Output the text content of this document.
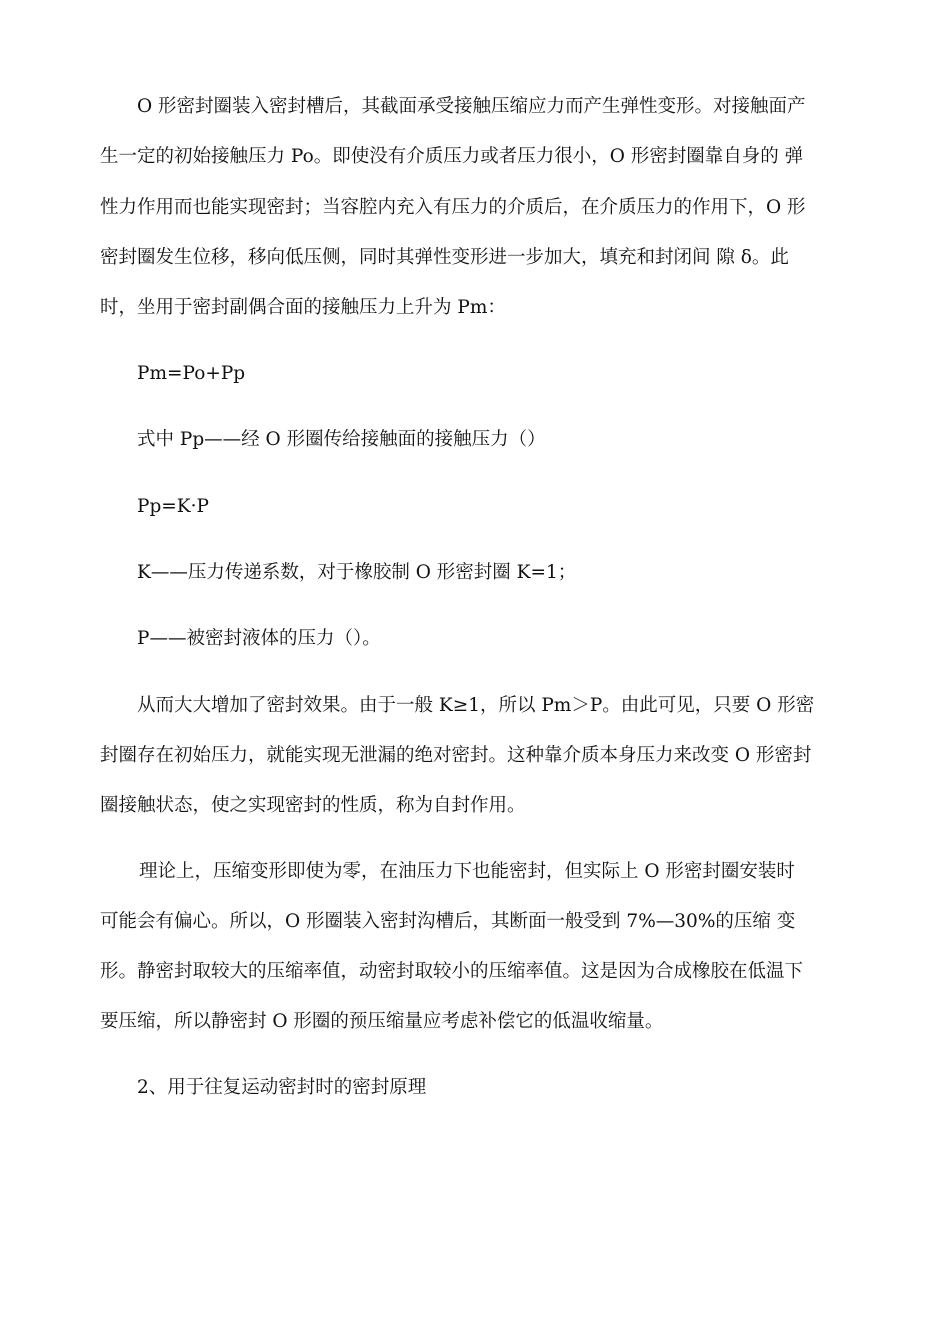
O 形密封圈装入密封槽后，其截面承受接触压缩应力而产生弹性变形。对接触面产
生一定的初始接触压力 Po。即使没有介质压力或者压力很小，O 形密封圈靠自身的 弹
性力作用而也能实现密封；当容腔内充入有压力的介质后，在介质压力的作用下，O 形
密封圈发生位移，移向低压侧，同时其弹性变形进一步加大，填充和封闭间 隙 δ。此
时，坐用于密封副偶合面的接触压力上升为 Pm：
Pm=Po+Pp
式中 Pp——经 O 形圈传给接触面的接触压力（）
Pp=K·P
K——压力传递系数，对于橡胶制 O 形密封圈 K=1；
P——被密封液体的压力（）。
从而大大增加了密封效果。由于一般 K≥1，所以 Pm＞P。由此可见，只要 O 形密
封圈存在初始压力，就能实现无泄漏的绝对密封。这种靠介质本身压力来改变 O 形密封
圈接触状态，使之实现密封的性质，称为自封作用。
理论上，压缩变形即使为零，在油压力下也能密封，但实际上 O 形密封圈安装时
可能会有偏心。所以，O 形圈装入密封沟槽后，其断面一般受到 7%—30%的压缩 变
形。静密封取较大的压缩率值，动密封取较小的压缩率值。这是因为合成橡胶在低温下
要压缩，所以静密封 O 形圈的预压缩量应考虑补偿它的低温收缩量。
2、用于往复运动密封时的密封原理
